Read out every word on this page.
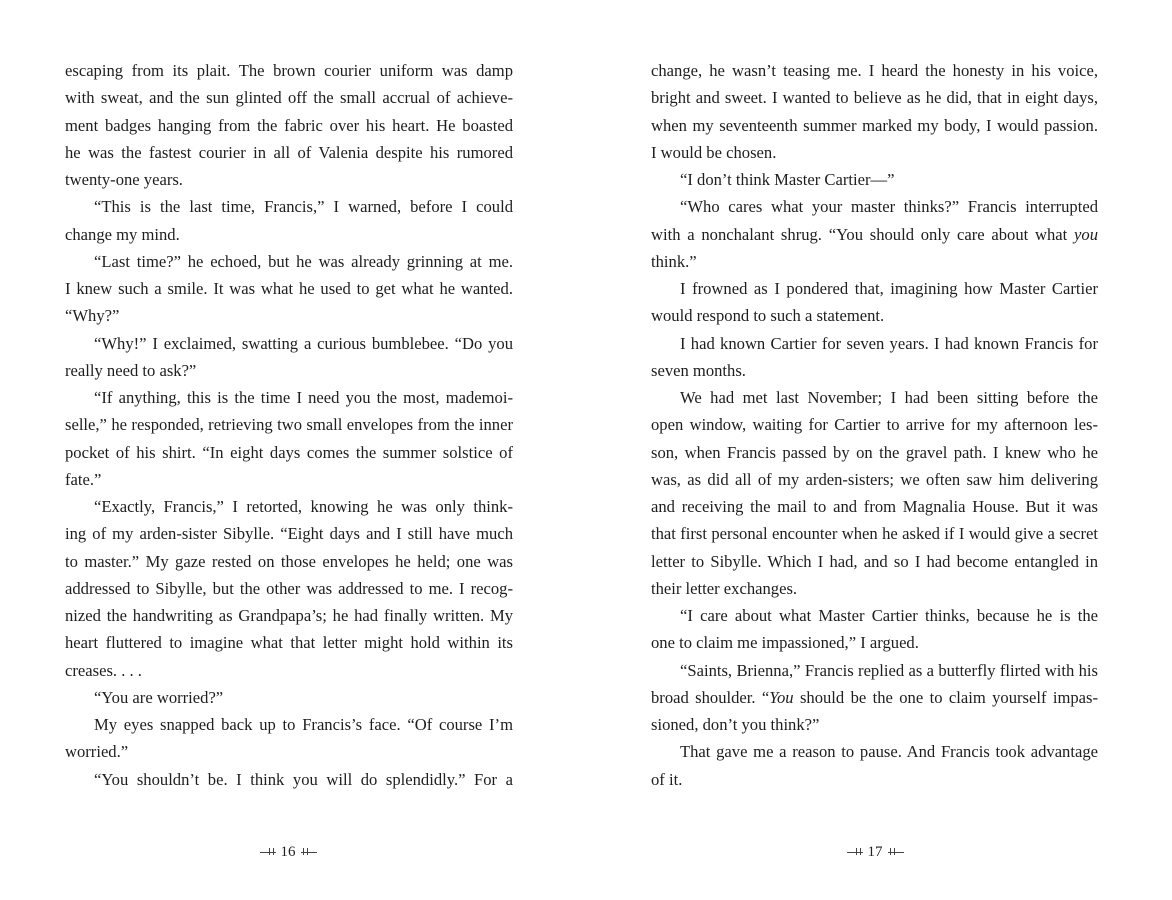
escaping from its plait. The brown courier uniform was damp
with sweat, and the sun glinted off the small accrual of achieve-
ment badges hanging from the fabric over his heart. He boasted
he was the fastest courier in all of Valenia despite his rumored
twenty-one years.
“This is the last time, Francis,” I warned, before I could
change my mind.
“Last time?” he echoed, but he was already grinning at me.
I knew such a smile. It was what he used to get what he wanted.
“Why?”
“Why!” I exclaimed, swatting a curious bumblebee. “Do you
really need to ask?”
“If anything, this is the time I need you the most, mademoi-
selle,” he responded, retrieving two small envelopes from the inner
pocket of his shirt. “In eight days comes the summer solstice of
fate.”
“Exactly, Francis,” I retorted, knowing he was only think-
ing of my arden-sister Sibylle. “Eight days and I still have much
to master.” My gaze rested on those envelopes he held; one was
addressed to Sibylle, but the other was addressed to me. I recog-
nized the handwriting as Grandpapa’s; he had finally written. My
heart fluttered to imagine what that letter might hold within its
creases. . . .
“You are worried?”
My eyes snapped back up to Francis’s face. “Of course I’m
worried.”
“You shouldn’t be. I think you will do splendidly.” For a
change, he wasn’t teasing me. I heard the honesty in his voice,
bright and sweet. I wanted to believe as he did, that in eight days,
when my seventeenth summer marked my body, I would passion.
I would be chosen.
“I don’t think Master Cartier—”
“Who cares what your master thinks?” Francis interrupted
with a nonchalant shrug. “You should only care about what you
think.”
I frowned as I pondered that, imagining how Master Cartier
would respond to such a statement.
I had known Cartier for seven years. I had known Francis for
seven months.
We had met last November; I had been sitting before the
open window, waiting for Cartier to arrive for my afternoon les-
son, when Francis passed by on the gravel path. I knew who he
was, as did all of my arden-sisters; we often saw him delivering
and receiving the mail to and from Magnalia House. But it was
that first personal encounter when he asked if I would give a secret
letter to Sibylle. Which I had, and so I had become entangled in
their letter exchanges.
“I care about what Master Cartier thinks, because he is the
one to claim me impassioned,” I argued.
“Saints, Brienna,” Francis replied as a butterfly flirted with his
broad shoulder. “You should be the one to claim yourself impas-
sioned, don’t you think?”
That gave me a reason to pause. And Francis took advantage
of it.
16	17
